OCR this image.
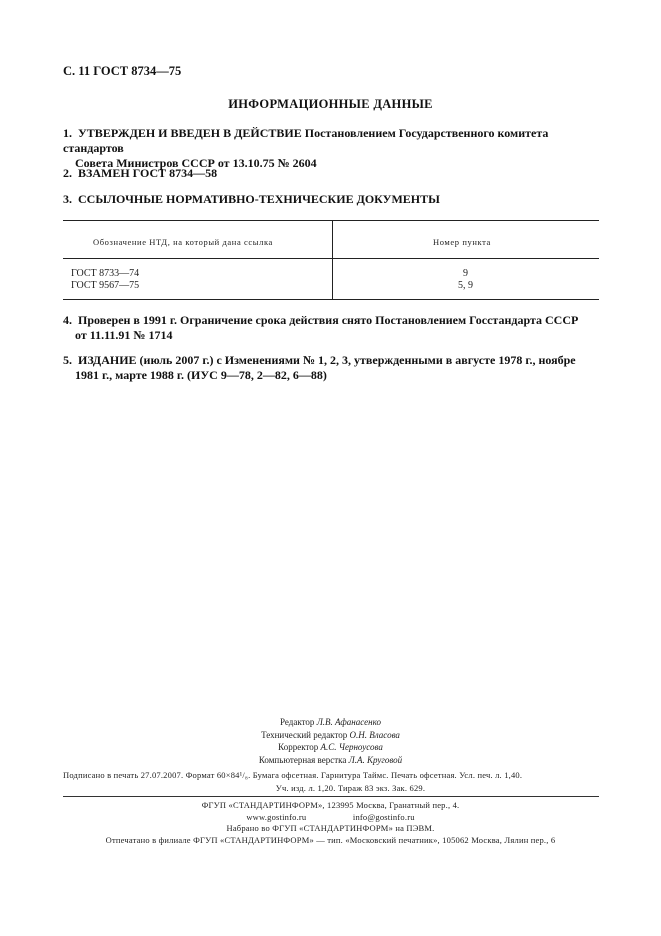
С. 11 ГОСТ 8734—75
ИНФОРМАЦИОННЫЕ ДАННЫЕ
1. УТВЕРЖДЕН И ВВЕДЕН В ДЕЙСТВИЕ Постановлением Государственного комитета стандартов
Совета Министров СССР от 13.10.75 № 2604
2. ВЗАМЕН ГОСТ 8734—58
3. ССЫЛОЧНЫЕ НОРМАТИВНО-ТЕХНИЧЕСКИЕ ДОКУМЕНТЫ
Обозначение НТД, на который дана ссылка	Номер пункта
ГОСТ 8733—74	9
ГОСТ 9567—75	5, 9
4. Проверен в 1991 г. Ограничение срока действия снято Постановлением Госстандарта СССР
от 11.11.91 № 1714
5. ИЗДАНИЕ (июль 2007 г.) с Изменениями № 1, 2, 3, утвержденными в августе 1978 г., ноябре
1981 г., марте 1988 г. (ИУС 9—78, 2—82, 6—88)
Редактор Л.В. Афанасенко
Технический редактор О.Н. Власова
Корректор А.С. Черноусова
Компьютерная верстка Л.А. Круговой
Подписано в печать 27.07.2007. Формат 60×84¹/₈. Бумага офсетная. Гарнитура Таймс. Печать офсетная. Усл. печ. л. 1,40.
Уч. изд. л. 1,20. Тираж 83 экз. Зак. 629.
ФГУП «СТАНДАРТИНФОРМ», 123995 Москва, Гранатный пер., 4.
www.gostinfo.ru                    info@gostinfo.ru
Набрано во ФГУП «СТАНДАРТИНФОРМ» на ПЭВМ.
Отпечатано в филиале ФГУП «СТАНДАРТИНФОРМ» — тип. «Московский печатник», 105062 Москва, Лялин пер., 6
